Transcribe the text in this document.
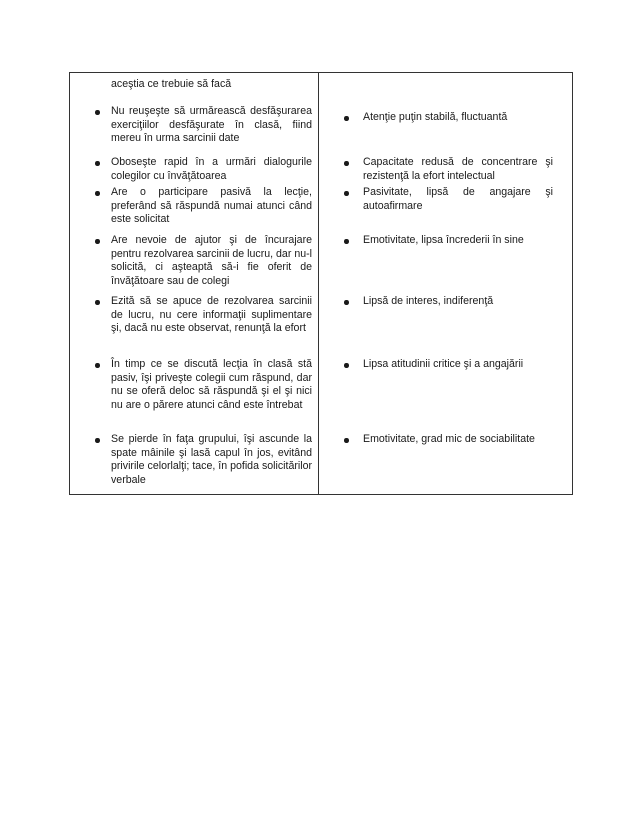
aceştia ce trebuie să facă
Nu reuşeşte să urmărească desfăşurarea exerciţiilor desfăşurate în clasă, fiind mereu în urma sarcinii date
Oboseşte rapid în a urmări dialogurile colegilor cu învăţătoarea
Are o participare pasivă la lecţie, preferând să răspundă numai atunci când este solicitat
Are nevoie de ajutor şi de încurajare pentru rezolvarea sarcinii de lucru, dar nu-l solicită, ci aşteaptă să-i fie oferit de învăţătoare sau de colegi
Ezită să se apuce de rezolvarea sarcinii de lucru, nu cere informaţii suplimentare şi, dacă nu este observat, renunţă la efort
În timp ce se discută lecţia în clasă stă pasiv, îşi priveşte colegii cum răspund, dar nu se oferă deloc să răspundă şi el şi nici nu are o părere atunci când este întrebat
Se pierde în faţa grupului, îşi ascunde la spate mâinile şi lasă capul în jos, evitând privirile celorlalţi; tace, în pofida solicitărilor verbale
Atenţie puţin stabilă, fluctuantă
Capacitate redusă de concentrare şi rezistenţă la efort intelectual
Pasivitate, lipsă de angajare şi autoafirmare
Emotivitate, lipsa încrederii în sine
Lipsă de interes, indiferenţă
Lipsa atitudinii critice şi a angajării
Emotivitate, grad mic de sociabilitate
